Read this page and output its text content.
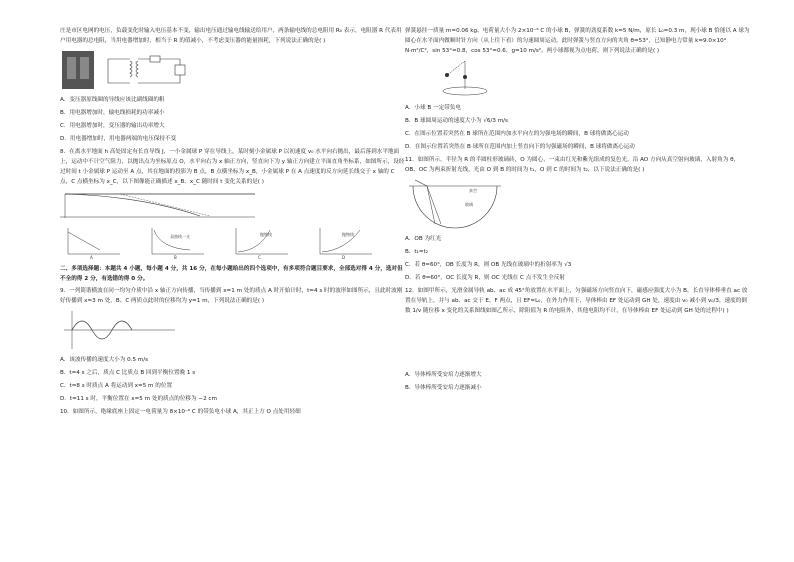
庄是市区电网的电压，负载变化时输入电压基本不变，输出电压通过输电线输送给用户，两条输电线的总电阻用 R₀ 表示，电阻器 R 代表用户用电器的总电阻，当用电器增加时，相当于 R 的值减小，不考虑变压器的能量损耗，下列说法正确的是( )

A．变压器原线圈的导线应该比副线圈的粗

B．用电器增加时，输电线损耗的功率减小

C．用电器增加时，变压器的输出功率增大

D．用电器增加时，用电器两端的电压保持不变

8．在离水平地面 h 高处固定有长直导线 J，一小金属球 P 穿在导线上，某时刻小金属球 P 以初速度 v₀ 水平向右抛出，最后落到水平地面上，运动中不计空气阻力，以抛出点为坐标原点 O，水平向右为 x 轴正方向，竖直向下为 y 轴正方向建立平面直角坐标系，如图所示，设经过时间 t 小金属球 P 运动至 A 点，其在地面的投影为 B 点，B 点横坐标为 x_B，小金属球 P 在 A 点速度的反方向延长线交于 x 轴的 C 点，C 点横坐标为 x_C，以下图像能正确描述 x_B、x_C 随时间 t 变化关系的是( )

A	B	C	D
双曲线一支	抛物线	抛物线

二、多项选择题：本题共 4 小题，每小题 4 分，共 16 分，在每小题给出的四个选项中，有多项符合题目要求，全部选对得 4 分，选对但不全的得 2 分，有选错的得 0 分。

9．一列简谐横波在同一均匀介质中沿 x 轴正方向传播，当传播到 x=1 m 处的质点 A 时开始计时，t=4 s 时的波形如图所示，且此时波刚好传播到 x=3 m 处，B、C 两质点此时的位移均为 y=1 m，下列说法正确的是( )

A．该波传播的速度大小为 0.5 m/s

B．t=4 s 之后，质点 C 比质点 B 回到平衡位置晚 1 s

C．t=8 s 时质点 A 将运动到 x=5 m 的位置

D．t=11 s 时，平衡位置在 x=5 m 处的质点的位移为 −2 cm

10．如图所示，绝缘底座上固定一电荷量为 8×10⁻⁶ C 的带负电小球 A，其正上方 O 点处用轻细

弹簧悬挂一质量 m=0.06 kg、电荷量大小为 2×10⁻⁶ C 的小球 B，弹簧的劲度系数 k=5 N/m，原长 L₀=0.3 m，现小球 B 恰能以 A 球为圆心在水平面内做顺时针方向（从上往下看）的匀速圆周运动，此时弹簧与竖直方向的夹角 θ=53°，已知静电力常量 k=9.0×10⁹ N·m²/C²，sin 53°=0.8，cos 53°=0.6，g=10 m/s²，两小球都视为点电荷，则下列说法正确的是( )

A．小球 B 一定带负电

B．B 球圆周运动的速度大小为 √6/3 m/s

C．在图示位置若突然在 B 球所在范围内加水平向左的匀强电场的瞬间，B 球将做离心运动

D．在图示位置若突然在 B 球所在范围内加上竖直向下的匀强磁场的瞬间，B 球将做离心运动

11．如图所示，半径为 R 的半圆柱形玻璃砖，O 为圆心，一束由红光和紫光组成的复色光，沿 AO 方向从真空射向玻璃，入射角为 θ，OB、OC 为两束折射光线，光由 O 到 B 的时间为 t₁，O 到 C 的时间为 t₂，以下说法正确的是( )

真空
玻璃

A．OB 为红光

B．t₁=t₂

C．若 θ=60°，OB 长度为 R，则 OB 光线在玻璃中的折射率为 √3

D．若 θ=60°，OC 长度为 R，则 OC 光线在 C 点不发生全反射

12．如图甲所示，光滑金属导轨 ab、ac 成 45°角放置在水平面上，匀强磁场方向竖直向下，磁感应强度大小为 B，长直导体棒垂直 ac 放置在导轨上，并与 ab、ac 交于 E、F 两点，且 EF=L₀，在外力作用下，导体棒由 EF 处运动到 GH 处，速度由 v₀ 减小到 v₀/3，速度的倒数 1/v 随位移 x 变化的关系图线如图乙所示，除阻值为 R 的电阻外，其他电阻均不计，在导体棒由 EF 处运动到 GH 处的过程中( )

A．导体棒所受安培力逐渐增大

B．导体棒所受安培力逐渐减小
